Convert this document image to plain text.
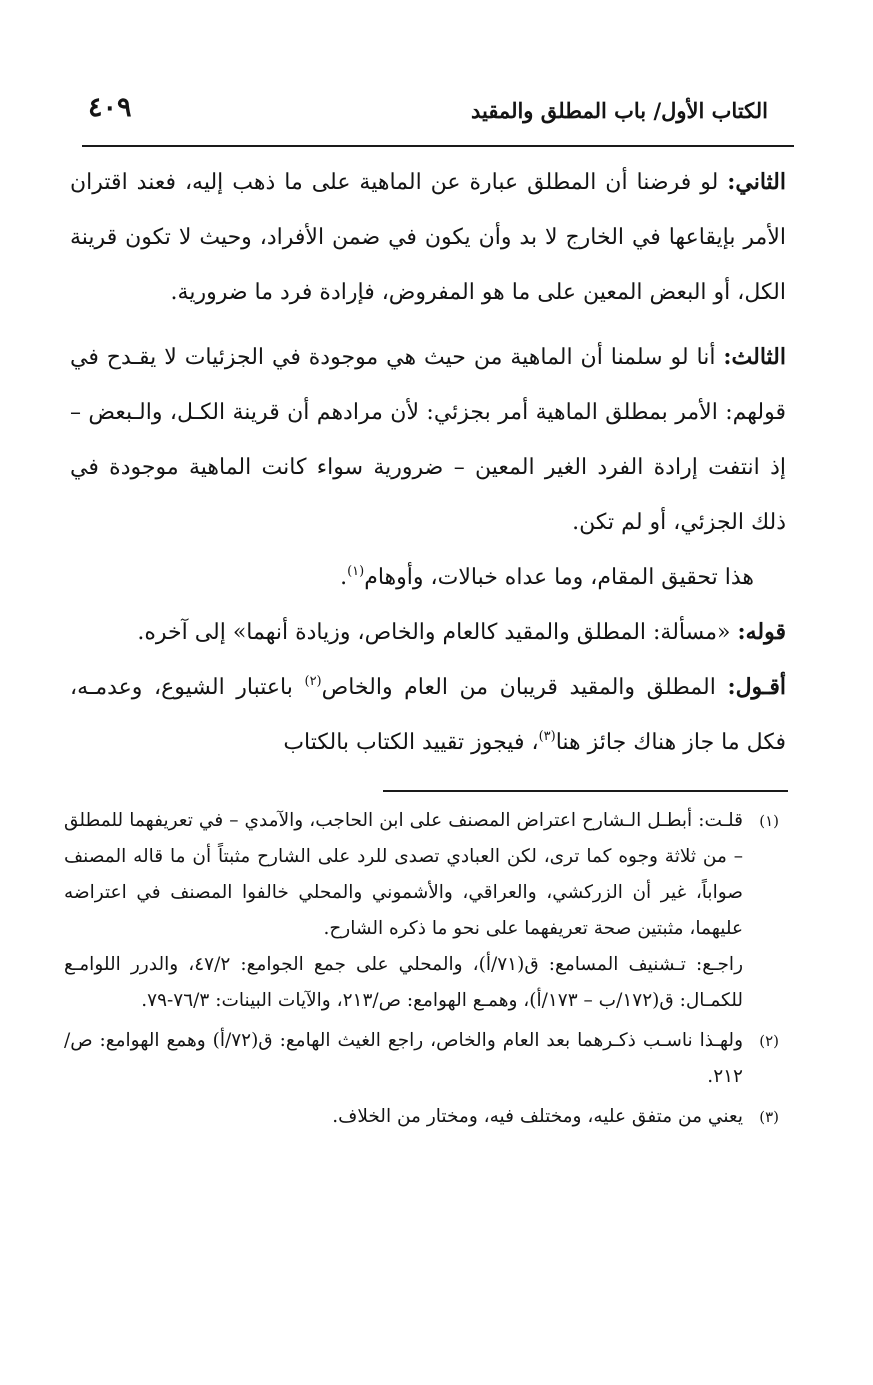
٤٠٩	الكتاب الأول/ باب المطلق والمقيد

الثاني: لو فرضنا أن المطلق عبارة عن الماهية على ما ذهب إليه، فعند اقتران الأمر بإيقاعها في الخارج لا بد وأن يكون في ضمن الأفراد، وحيث لا تكون قرينة الكل، أو البعض المعين على ما هو المفروض، فإرادة فرد ما ضرورية.

الثالث: أنا لو سلمنا أن الماهية من حيث هي موجودة في الجزئيات لا يقـدح في قولهم: الأمر بمطلق الماهية أمر بجزئي: لأن مرادهم أن قرينة الكـل، والـبعض – إذ انتفت إرادة الفرد الغير المعين – ضرورية سواء كانت الماهية موجودة في ذلك الجزئي، أو لم تكن.

هذا تحقيق المقام، وما عداه خبالات، وأوهام$^{(١)}$.

قوله: «مسألة: المطلق والمقيد كالعام والخاص، وزيادة أنهما» إلى آخره.

أقـول: المطلق والمقيد قريبان من العام والخاص$^{(٢)}$ باعتبار الشيوع، وعدمـه، فكل ما جاز هناك جائز هنا$^{(٣)}$، فيجوز تقييد الكتاب بالكتاب

(١)

قلـت: أبطـل الـشارح اعتراض المصنف على ابن الحاجب، والآمدي – في تعريفهما للمطلق – من ثلاثة وجوه كما ترى، لكن العبادي تصدى للرد على الشارح مثبتاً أن ما قاله المصنف صواباً، غير أن الزركشي، والعراقي، والأشموني والمحلي خالفوا المصنف في اعتراضه عليهما، مثبتين صحة تعريفهما على نحو ما ذكره الشارح.

راجـع: تـشنيف المسامع: ق(٧١/أ)، والمحلي على جمع الجوامع: ٤٧/٢، والدرر اللوامـع للكمـال: ق(١٧٢/ب – ١٧٣/أ)، وهمـع الهوامع: ص/٢١٣، والآيات البينات: ٧٦/٣-٧٩.

(٢)

ولهـذا ناسـب ذكـرهما بعد العام والخاص، راجع الغيث الهامع: ق(٧٢/أ) وهمع الهوامع: ص/٢١٢.

(٣)

يعني من متفق عليه، ومختلف فيه، ومختار من الخلاف.
